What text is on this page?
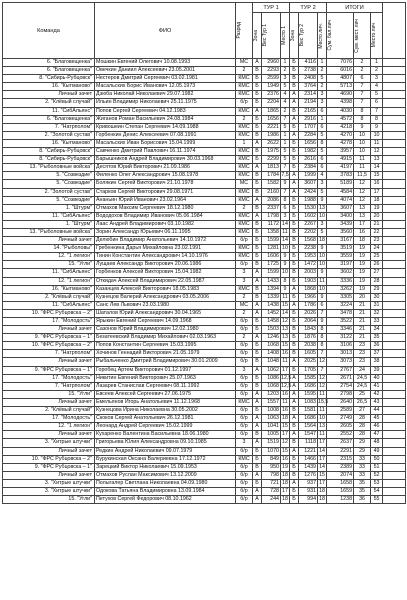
Команда	ФИО	Разряд	ТУР 1			ТУР 2			ИТОГИ			

			Зона	Вес Тур 1	Место 1	Зона	Вес Тур 2	Место лич.	Сум. бал.лич	Сум. мест. лич	Место лич	

6. "Благовещенка"	Мошкин Евгений Олегович 10.08.1993	МС	А	2960	1	Б	4116	1	7076	2	1	
6. "Благовещенка"	Овечкин Даниил Алексеевич 23.05.2001	2	В	2293	2	Б	2738	2	6016	2	2	
8. "Сибирь-Рубцовск"	Нестеров Дмитрий Сергеевич 03.02.1981	КМС	Б	2599	3	В	2408	5	4807	6	3	
16. "Кытманово"	Масальских Борис Иванович 12.05.1973	КМС	Б	1949	5	В	3764	2	5713	7	4	
Личный зачет	Дзюба Николай Николаевич 29.07.1982	КМС	Б	2376	4	А	2314	3	4690	7	5	
2. "Клёвый случай"	Ильин Владимир Николаевич 25.11.1975	б/р	Б	2204	4	А	2194	3	4398	7	6	
11. "СибАльянс"	Попов Сергей Сергеевич 04.12.1983	КМС	А	1865	2	В	2165	6	4030	8	7	
6. "Благовещенка"	Жиганов Роман Васильевич 24.08.1984	2	Б	1656	7	А	2916	1	4572	8	8	
7. "Натрполом"	Кривошеин Степан Сергеевич 14.09.1988	КМС	Б	2221	5	Б	1707	6	4218	9	9	
2. "Золотой сустав"	Горбенкин Денис Алексеевич 07.08.1991	КМС	В	1986	1	А	2284	5	4270	10	10	
16. "Кытманово"	Масальских Иван Борисович 15.04.1999	1	А	2622	1	Б	1656	8	4278	10	11	
8. "Сибирь-Рубцовск"	Савченко Дмитрий Павлович 16.11.1974	КМС	В	1975	5	Б	1982	5	3957	10	12	
8. "Сибирь-Рубцовск"	Барышников Андрей Владимирович 30.03.1968	КМС	Б	2299	5	Б	2616	6	4915	11	13	
13. "Рыболовные войска"	Десятов Юрий Викторович 21.09.1986	КМС	А	1813	7	Б	2384	6	4197	11	14	
5. "Созвездие"	Филенко Олег Александрович 15.08.1978	КМС	В	1784	7,5	А	1999	4	3783	11,5	15	
5. "Созвездие"	Болякин Сергей Викторович 21.10.1978	МС	Б	1582	9	А	3607	3	5189	12	16	
2. "Золотой сустав"	Старков Сергей Викторович 29.08.1971	КМС	В	2160	7	А	2424	5	4584	12	17	
5. "Созвездие"	Ананьин Юрий Иванович 23.02.1964	КМС	А	2086	8	Б	1988	9	4074	12	18	
1. "Штурм"	Отмахов Максим Сергеевич 18.12.1980	2	В	2337	6	Б	1530	13	3607	13	19	
11. "СибАльянс"	Вододохов Владимир Иванович 05.06.1984	КМС	А	1798	3	Б	1602	10	3400	13	20	
1. "Штурм"	Лааc Андрей Владимирович 03.10.1982	КМС	В	1172	14	Б	2267	3	3439	17	21	
13. "Рыболовные войска"	Зорин Александр Юрьевич 06.11.1995	КМС	Б	1358	11	В	2202	5	3560	16	22	
Личный зачет	Делюбин Владимир Анатольевич 14.10.1972	б/р	Б	1599	14	В	1568	18	3167	18	23	
14. "Рыболовы"	Гребенкина Дарья Михайловна 23.02.1991	КМС	Б	1281	10	Б	2238	9	3519	19	24	
12. "1 легион"	Тинин Константин Александрович 14.10.1976	КМС	Б	1606	9	Б	1953	10	3559	19	25	
15. "Угли"	Лущаев Александр Викторович 20.06.1986	б/р	В	1725	9	Б	1472	10	3197	19	26	
11. "СибАльянс"	Горбенков Алексей Викторович 15.04.1982	3	А	1599	10	В	2003	9	3602	19	27	
12. "1 легион"	Откидач Алексей Владимирович 22.05.1987	3	А	1433	8	Б	1903	11	3336	19	28	
16. "Кытманово"	Казанцев Алексей Викторович 18.05.1983	КМС	В	1394	9	А	1868	10	3262	19	29	
2. "Клёвый случай"	Кузнецов Валерий Александрович 03.05.2006	2	В	1339	11	Б	1966	9	3305	20	30	
11. "СибАльянс"	Санс Лев Львович 23.03.1980	МС	А	1438	15	А	1786	6	3224	21	31	
10. "ФРС Рубцовска – 2"	Шаталов Юрий Александрович 30.04.1965	2	А	1452	14	Б	2026	7	3478	21	32	
17. "Молодость"	Ярыкин Евгений Сергеевич 14.09.1968	б/р	Б	1458	12	Б	2064	9	3522	21	33	
Личный зачет	Сазонов Юрий Владимирович 12.02.1980	б/р	Б	1503	13	В	1843	8	3346	21	34	
9. "ФРС Рубцовска – 1"	Безатеевский Владимир Михайлович 02.03.1963	2	А	1246	13	Б	1876	8	3122	21	35	
10. "ФРС Рубцовска – 2"	Попов Константин Сергеевич 15.03.1995	б/р	Б	1068	15	В	2038	8	3106	23	36	
7. "Натрполом"	Хочинов Геннадий Викторович 21.05.1979	б/р	Б	1408	16	В	1605	7	3013	23	37	
Личный зачет	Рыбальченко Дмитрий Владимирович 30.01.2009	б/р	В	1048	11	А	2025	12	3073	23	38	
9. "ФРС Рубцовска – 1"	Горобец Артем Викторович 01.12.1997	3	А	1062	17	Б	1705	7	2767	24	39	
17. "Молодость"	Никитин Евгений Викторович 25.07.1963	б/р	Б	1086	12,5	А	1585	12	2671	24,5	40	
7. "Натрполом"	Лазарев Станислав Сергеевич 08.11.1992	б/р	В	1068	12,5	А	1686	12	2754	24,5	41	
15. "Угли"	Евсеев Алексей Сергеевич 27.06.1975	б/р	А	1203	16	А	1595	11	2798	25	42	
Личный зачет	Емельянов Игорь Анатольевич 11.12.1968	КМС	А	1557	11	А	1083	15,5	2640	26,5	43	
2. "Клёвый случай"	Кузнецова Ирина Николаевна 30.05.2002	б/р	Б	1008	16	В	1581	11	2589	27	44	
17. "Молодость"	Скоков Сергей Анатольевич 26.12.1981	б/р	А	1063	18	А	1686	10	2749	28	45	
12. "1 легион"	Леонард Андрей Сергеевич 15.02.1999	б/р	А	1041	15	В	1564	13	2605	28	46	
Личный зачет	Кухаренко Валентина Васильевна 18.06.1980	б/р	В	1005	17	А	1547	11	2552	28	47	
3. "Хитрые штучки"	Григорьева Юлия Александровна 09.10.1985	3	А	1519	12	В	1118	17	2637	29	48	
Личный зачет	Редкин Андрей Николаевич 09.07.1979	б/р	Б	1070	15	А	1221	14	2291	29	49	
10. "ФРС Рубцовска – 2"	Бурукинская Оксана Валериевна 17.12.1972	КМС	Б	849	16	Б	1466	17	2315	33	50	
9. "ФРС Рубцовска – 1"	Зарецкий Виктор Николаевич 15.09.1953	б/р	В	950	19	Б	1439	14	2389	33	51	
Личный зачет	Отмахов Руслан Максимович 13.12.2009	б/р	А	798	18	В	1276	15	2074	33	52	
3. "Хитрые штучки"	Полыгалер Светлана Николаевна 04.09.1980	б/р	Б	721	18	А	937	17	1658	35	53	
3. "Хитрые штучки"	Одокова Татьяна Владимировна 13.09.1984	б/р	А	728	17	Б	931	18	1659	35	54	
15. "Угли"	Петухов Сергей Федорович 08.10.1962	б/р	А	244	18	Б	994	18	1238	36	55	
